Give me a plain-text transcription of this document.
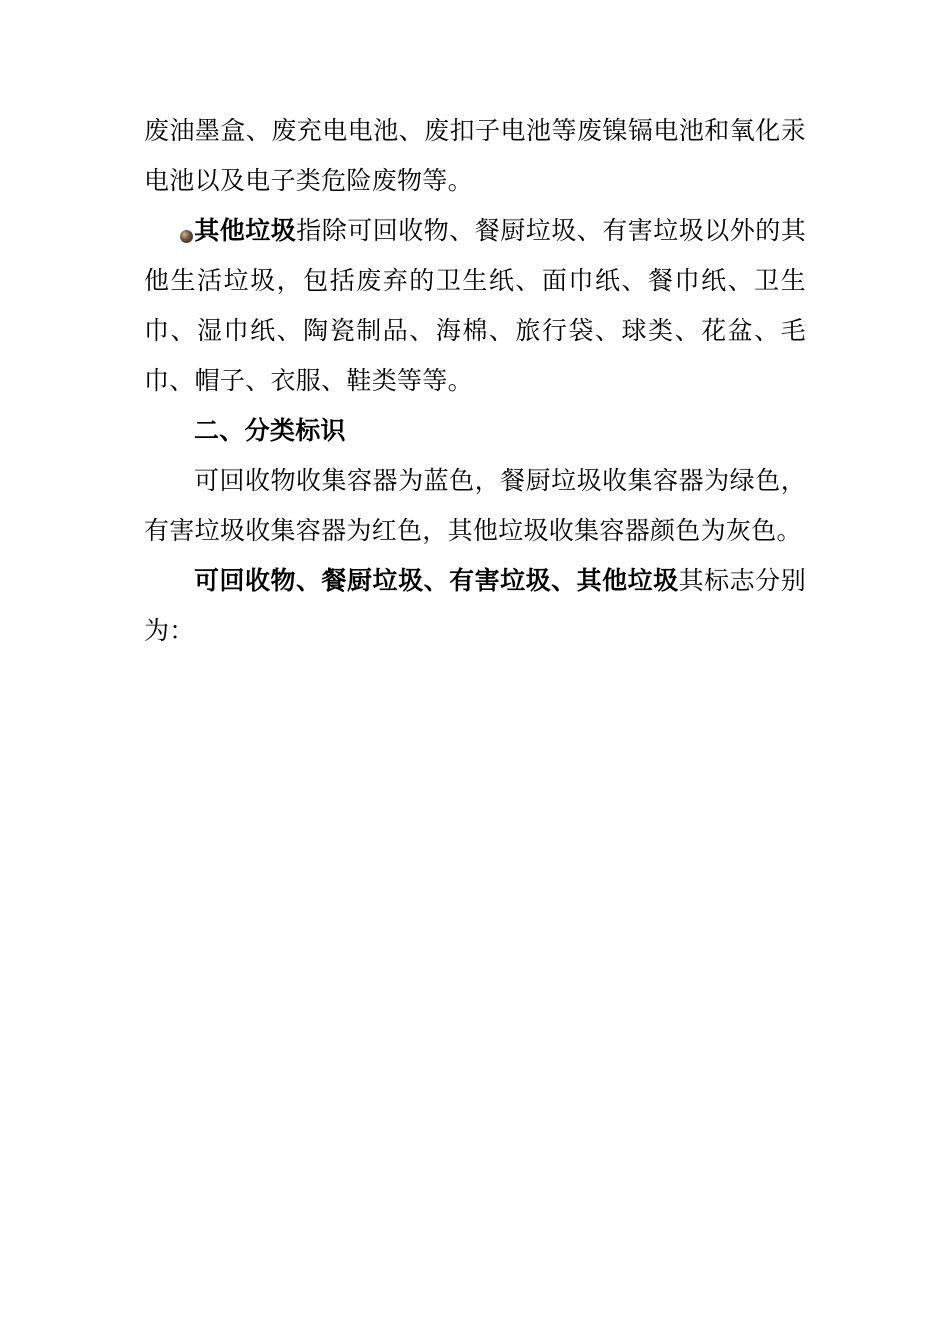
废油墨盒、废充电电池、废扣子电池等废镍镉电池和氧化汞电池以及电子类危险废物等。

其他垃圾指除可回收物、餐厨垃圾、有害垃圾以外的其他生活垃圾，包括废弃的卫生纸、面巾纸、餐巾纸、卫生巾、湿巾纸、陶瓷制品、海棉、旅行袋、球类、花盆、毛巾、帽子、衣服、鞋类等等。

二、分类标识

可回收物收集容器为蓝色，餐厨垃圾收集容器为绿色，有害垃圾收集容器为红色，其他垃圾收集容器颜色为灰色。

可回收物、餐厨垃圾、有害垃圾、其他垃圾其标志分别为：
